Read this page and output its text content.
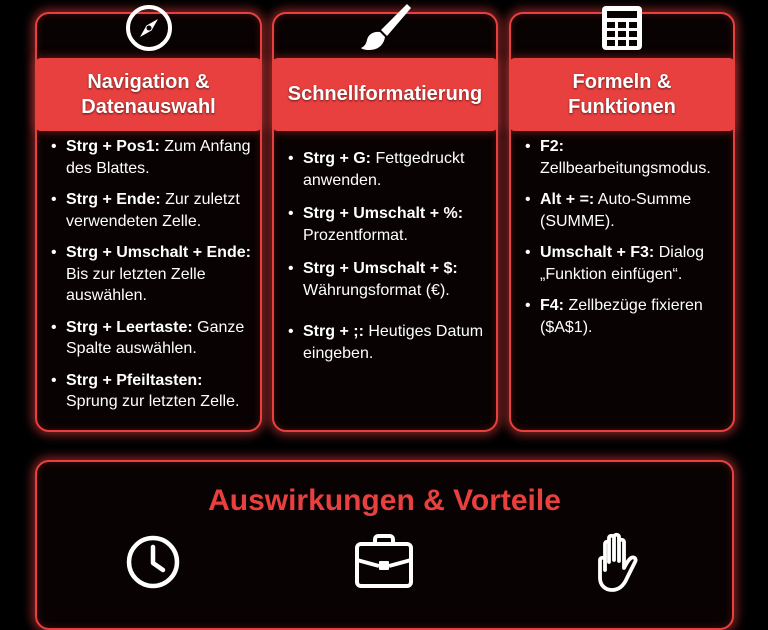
Navigation &
Datenauswahl
• Strg + Pos1: Zum Anfang des Blattes.
• Strg + Ende: Zur zuletzt verwendeten Zelle.
• Strg + Umschalt + Ende: Bis zur letzten Zelle auswählen.
• Strg + Leertaste: Ganze Spalte auswählen.
• Strg + Pfeiltasten: Sprung zur letzten Zelle.
Schnellformatierung
• Strg + G: Fettgedruckt anwenden.
• Strg + Umschalt + %: Prozentformat.
• Strg + Umschalt + $: Währungsformat (€).
• Strg + ;: Heutiges Datum eingeben.
Formeln &
Funktionen
• F2: Zellbearbeitungsmodus.
• Alt + =: Auto-Summe (SUMME).
• Umschalt + F3: Dialog „Funktion einfügen“.
• F4: Zellbezüge fixieren ($A$1).
Auswirkungen & Vorteile
